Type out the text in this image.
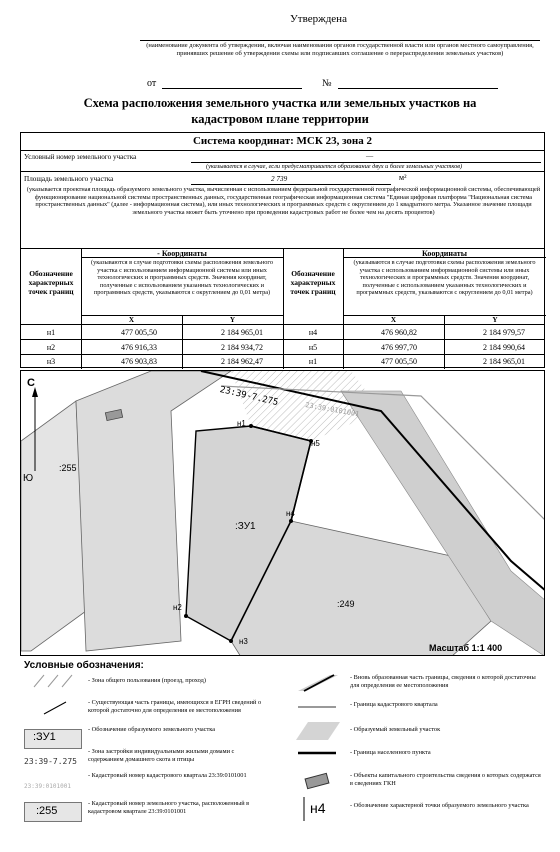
Утверждена
(наименование документа об утверждении, включая наименования органов государственной власти или органов местного самоуправления, принявших решение об утверждении схемы или подписавших соглашение о перераспределении земельных участков)
от	№
Схема расположения земельного участка или земельных участков на кадастровом плане территории
Система координат: МСК 23, зона 2
Условный номер земельного участка	—
(указывается в случае, если предусматривается образование двух и более земельных участков)
Площадь земельного участка	2 739	м²
(указывается проектная площадь образуемого земельного участка, вычисленная с использованием федеральной государственной географической информационной системы, обеспечивающей функционирование национальной системы пространственных данных, государственная географическая информационная система "Единая цифровая платформа "Национальная система пространственных данных" (далее - информационная система), или иных технологических и программных средств с округлением до 1 квадратного метра. Указанное значение площади земельного участка может быть уточнено при проведении кадастровых работ не более чем на десять процентов)
Обозначение характерных точек границ
- Координаты
(указываются в случае подготовки схемы расположения земельного участка с использованием информационной системы или иных технологических и программных средств. Значения координат, полученные с использованием указанных технологических и программных средств, указываются с округлением до 0,01 метра)
Обозначение характерных точек границ
Координаты
(указываются в случае подготовки схемы расположения земельного участка с использованием информационной системы или иных технологических и программных средств. Значения координат, полученные с использованием указанных технологических и программных средств, указываются с округлением до 0,01 метра)
X	Y	X	Y
н1	477 005,50	2 184 965,01
н2	476 916,33	2 184 934,72
н3	476 903,83	2 184 962,47
н4	476 960,82	2 184 979,57
н5	476 997,70	2 184 990,64
н1	477 005,50	2 184 965,01
С
Ю
:255
:249
:ЗУ1
23:39-7.275
23:39:0101001
н1
н5
н4
н2
н3
Масштаб 1:1 400
Условные обозначения:
- Зона общего пользования (проезд, проход)
- Существующая часть границы, имеющихся в ЕГРН сведений о которой достаточно для определения ее местоположения
:ЗУ1
- Обозначение образуемого земельного участка
- Зона застройки индивидуальными жилыми домами с содержанием домашнего скота и птицы
23:39-7.275
23:39:0101001
- Кадастровый номер кадастрового квартала 23:39:0101001
:255
- Кадастровый номер земельного участка, расположенный в кадастровом квартале 23:39:0101001
- Вновь образованная часть границы, сведения о которой достаточны для определения ее местоположения
- Граница кадастрового квартала
- Образуемый земельный участок
- Граница населенного пункта
- Объекты капитального строительства сведения о которых содержатся в сведениях ГКН
н4	- Обозначение характерной точки образуемого земельного участка
